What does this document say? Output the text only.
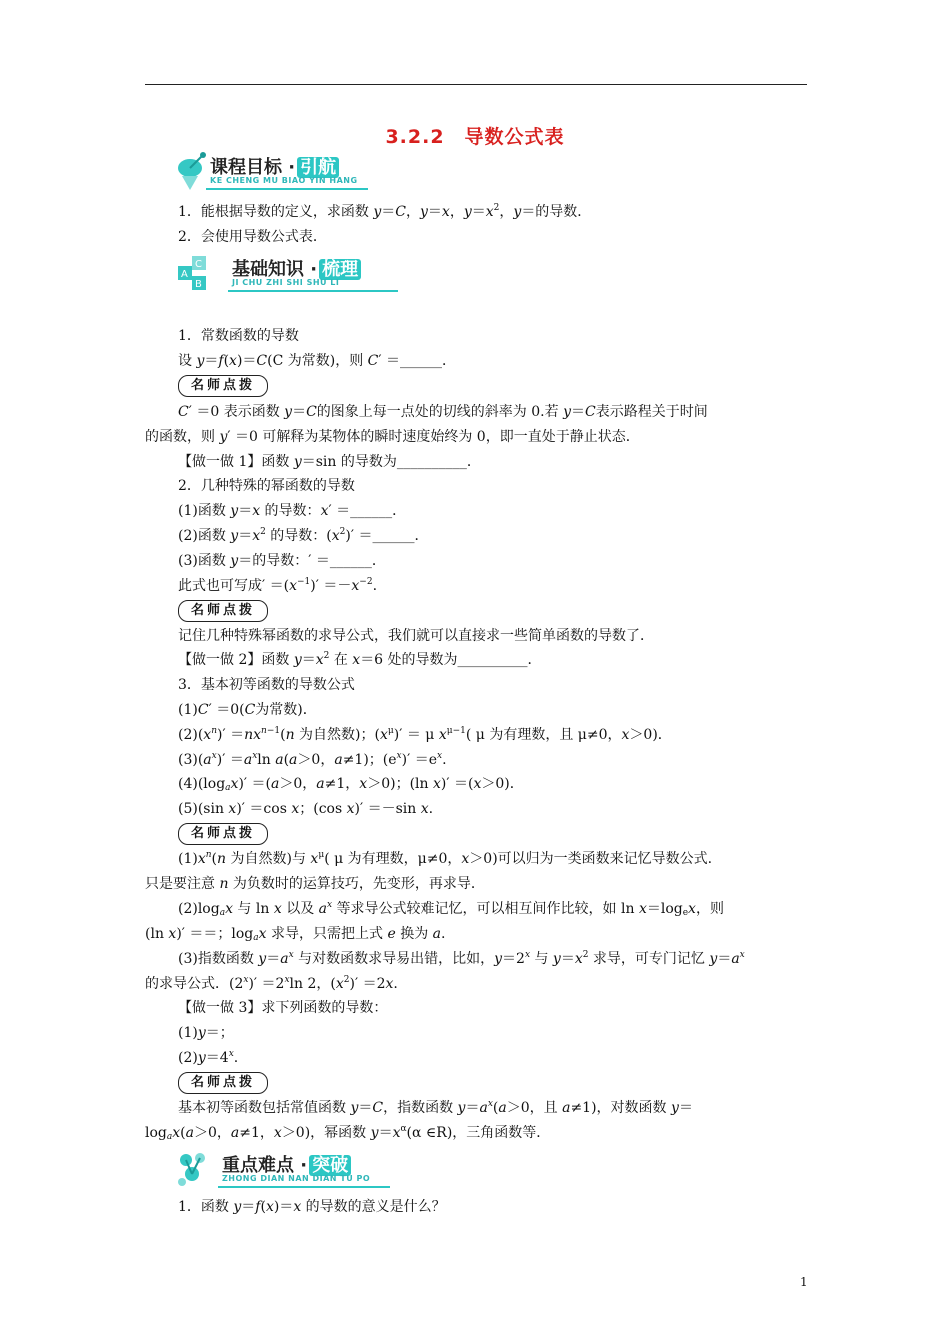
3.2.2　导数公式表
课程目标 · 引航
KE CHENG MU BIAO YIN HANG
1．能根据导数的定义，求函数 y＝C，y＝x，$y=x^2$，y＝的导数．
2．会使用导数公式表．
A
C
B
基础知识 · 梳理
JI CHU ZHI SHI SHU LI
1．常数函数的导数
设 y＝f(x)＝C(C 为常数)，则 C′ ＝______．
名师点拨
C′ ＝0 表示函数 y＝C的图象上每一点处的切线的斜率为 0.若 y＝C表示路程关于时间
的函数，则 y′ ＝0 可解释为某物体的瞬时速度始终为 0，即一直处于静止状态．
【做一做 1】函数 y＝sin 的导数为__________．
2．几种特殊的幂函数的导数
(1)函数 y＝x 的导数：x′ ＝______．
(2)函数 $y=x^2$ 的导数：$(x^2)'$ ＝______．
(3)函数 y＝的导数：′ ＝______．
此式也可写成′ $=(x^{-1})' =-x^{-2}$.
名师点拨
记住几种特殊幂函数的求导公式，我们就可以直接求一些简单函数的导数了．
【做一做 2】函数 $y=x^2$ 在 x＝6 处的导数为__________．
3．基本初等函数的导数公式
(1)C′ ＝0(C为常数)．
$(2)(x^n)' =nx^{n-1}(n$ 为自然数)；$(x^\mu)' = \mu$ $x^{\mu-1}$( μ 为有理数，且 μ≠0，x＞0)．
$(3)(a^x)' =a^x\ln$ a(a＞0，a≠1)；$(e^x)' =e^x$.
$(4)(\log_ax)' =(a>0$，a≠1，x＞0)；(ln x)′ ＝(x＞0)．
(5)(sin x)′ ＝cos x；(cos x)′ ＝－sin x.
名师点拨
$(1)x^n(n$ 为自然数)与 $x^\mu$( μ 为有理数，μ≠0，x＞0)可以归为一类函数来记忆导数公式.
只是要注意 n 为负数时的运算技巧，先变形，再求导．
$(2)\log_ax$ 与 ln x 以及 $a^x$ 等求导公式较难记忆，可以相互间作比较，如 $\ln x=\log_ex$，则
(ln x)′ ＝＝；$\log_ax$ 求导，只需把上式 e 换为 a.
(3)指数函数 $y=a^x$ 与对数函数求导易出错，比如，$y=2^x$ 与 $y=x^2$ 求导，可专门记忆 $y=a^x$
的求导公式．$(2^x)' =2^x\ln$ 2，$(x^2)' =2x$.
【做一做 3】求下列函数的导数：
(1)y＝；
$(2)y=4^x$.
名师点拨
基本初等函数包括常值函数 y＝C，指数函数 $y=a^x(a>0$，且 a≠1)，对数函数 y＝
$\log_ax(a>0$，a≠1，x＞0)，幂函数 $y=x^\alpha(\alpha$ ∈R)，三角函数等．
重点难点 · 突破
ZHONG DIAN NAN DIAN TU PO
1．函数 y＝f(x)＝x 的导数的意义是什么？
1
